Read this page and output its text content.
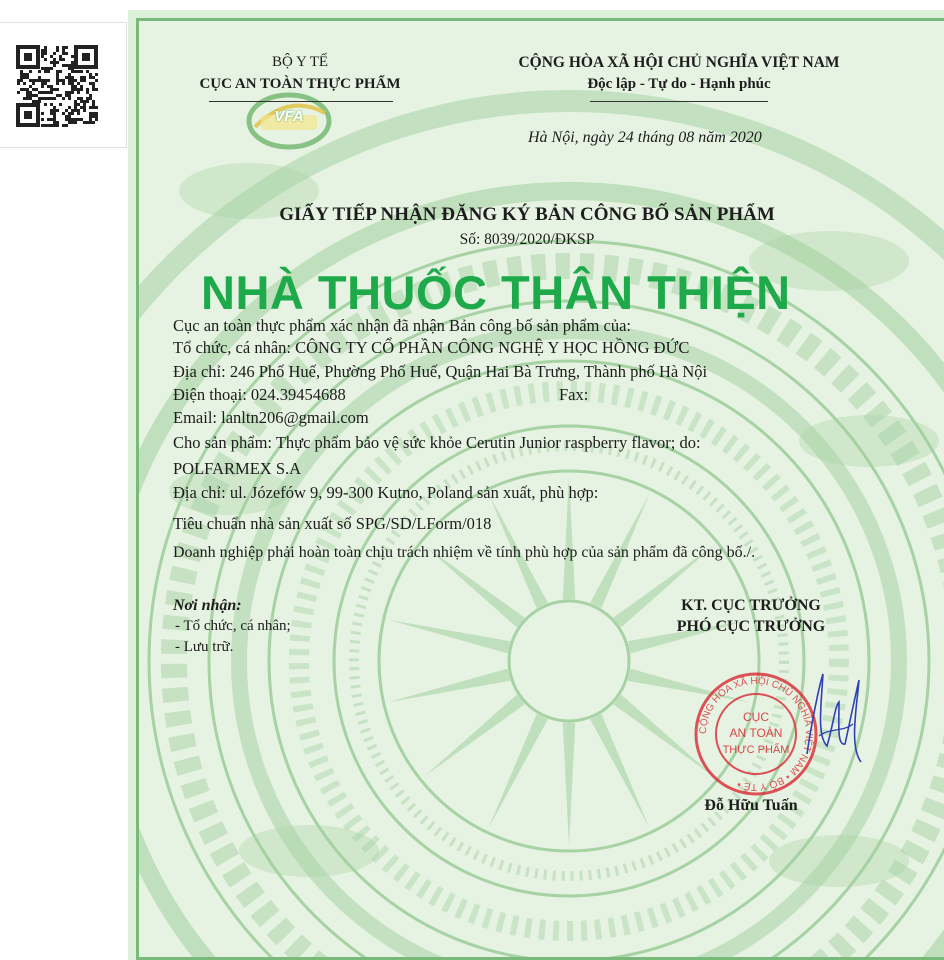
BỘ Y TẾ
CỤC AN TOÀN THỰC PHẨM
VFA
CỘNG HÒA XÃ HỘI CHỦ NGHĨA VIỆT NAM
Độc lập - Tự do - Hạnh phúc
Hà Nội, ngày 24 tháng 08 năm 2020
GIẤY TIẾP NHẬN ĐĂNG KÝ BẢN CÔNG BỐ SẢN PHẨM
Số: 8039/2020/ĐKSP
NHÀ THUỐC THÂN THIỆN
Cục an toàn thực phẩm xác nhận đã nhận Bản công bố sản phẩm của:
Tổ chức, cá nhân: CÔNG TY CỔ PHẦN CÔNG NGHỆ Y HỌC HỒNG ĐỨC
Địa chỉ: 246 Phố Huế, Phường Phố Huế, Quận Hai Bà Trưng, Thành phố Hà Nội
Điện thoại: 024.39454688	Fax:
Email: lanltn206@gmail.com
Cho sản phẩm: Thực phẩm bảo vệ sức khỏe Cerutin Junior raspberry flavor; do:
POLFARMEX S.A
Địa chỉ: ul. Józefów 9, 99-300 Kutno, Poland sản xuất, phù hợp:
Tiêu chuẩn nhà sản xuất số SPG/SD/LForm/018
Doanh nghiệp phải hoàn toàn chịu trách nhiệm về tính phù hợp của sản phẩm đã công bố./.
Nơi nhận:
- Tổ chức, cá nhân;
- Lưu trữ.
KT. CỤC TRƯỞNG
PHÓ CỤC TRƯỞNG
CỘNG HÒA XÃ HỘI CHỦ NGHĨA VIỆT NAM • BỘ Y TẾ •
CỤC
AN TOÀN
THỰC PHẨM
Đỗ Hữu Tuấn
